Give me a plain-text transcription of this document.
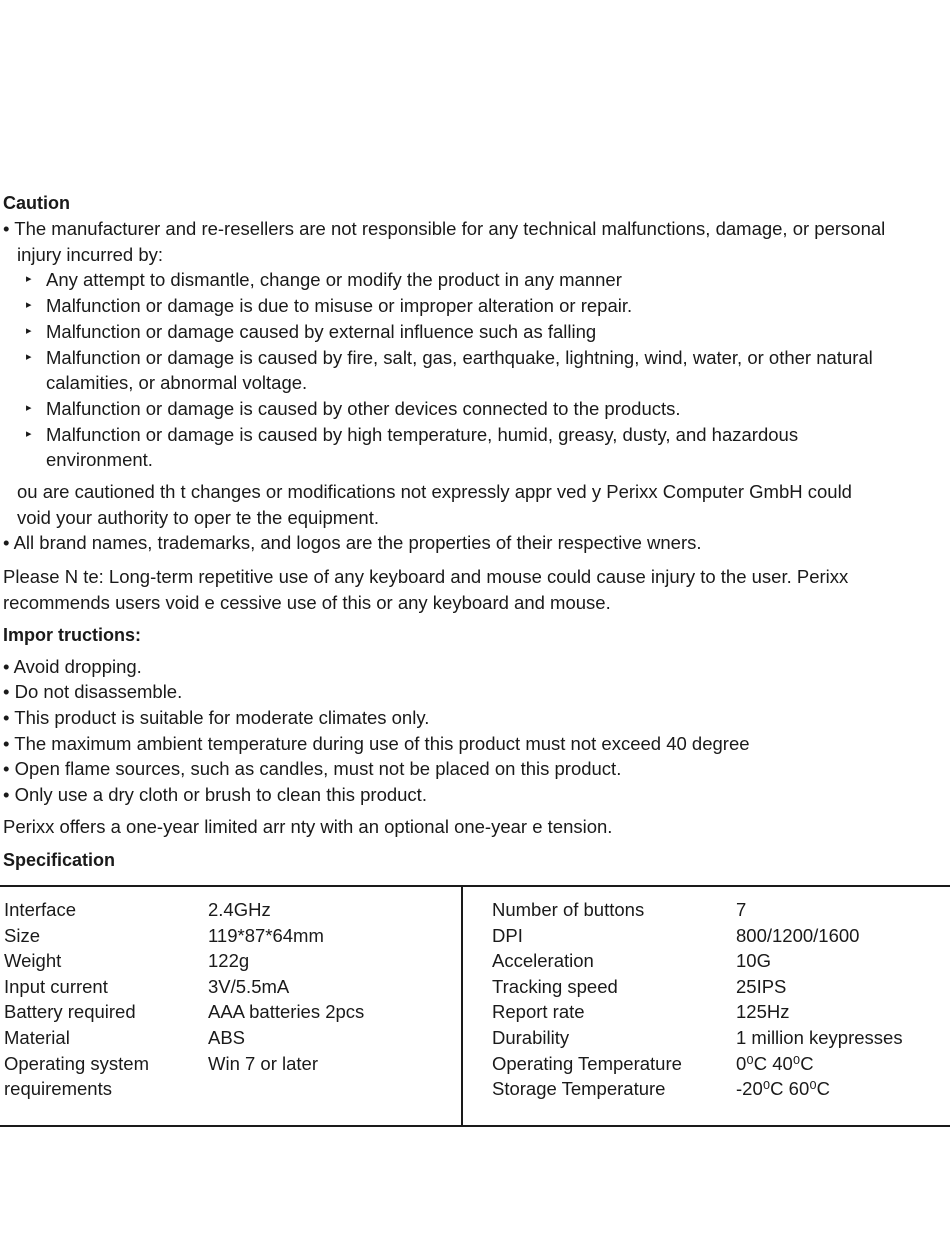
Caution
• The manufacturer and re-resellers are not responsible for any technical malfunctions, damage, or personal
injury incurred by:
▸ Any attempt to dismantle, change or modify the product in any manner
▸ Malfunction or damage is due to misuse or improper alteration or repair.
▸ Malfunction or damage caused by external influence such as falling
▸ Malfunction or damage is caused by fire, salt, gas, earthquake, lightning, wind, water, or other natural
calamities, or abnormal voltage.
▸ Malfunction or damage is caused by other devices connected to the products.
▸ Malfunction or damage is caused by high temperature, humid, greasy, dusty, and hazardous
environment.
ou are cautioned th t changes or modifications not expressly appr ved y Perixx Computer GmbH could
void your authority to oper te the equipment.
• All brand names, trademarks, and logos are the properties of their respective wners.
Please N te: Long-term repetitive use of any keyboard and mouse could cause injury to the user. Perixx
recommends users void e cessive use of this or any keyboard and mouse.
Impor tructions:
• Avoid dropping.
• Do not disassemble.
• This product is suitable for moderate climates only.
• The maximum ambient temperature during use of this product must not exceed 40 degree
• Open flame sources, such as candles, must not be placed on this product.
• Only use a dry cloth or brush to clean this product.
Perixx offers a one-year limited arr nty with an optional one-year e tension.
Specification
Interface	2.4GHz
Size	119*87*64mm
Weight	122g
Input current	3V/5.5mA
Battery required	AAA batteries 2pcs
Material	ABS
Operating system	Win 7 or later
requirements
Number of buttons	7
DPI	800/1200/1600
Acceleration	10G
Tracking speed	25IPS
Report rate	125Hz
Durability	1 million keypresses
Operating Temperature	0⁰C 40⁰C
Storage Temperature	-20⁰C 60⁰C
